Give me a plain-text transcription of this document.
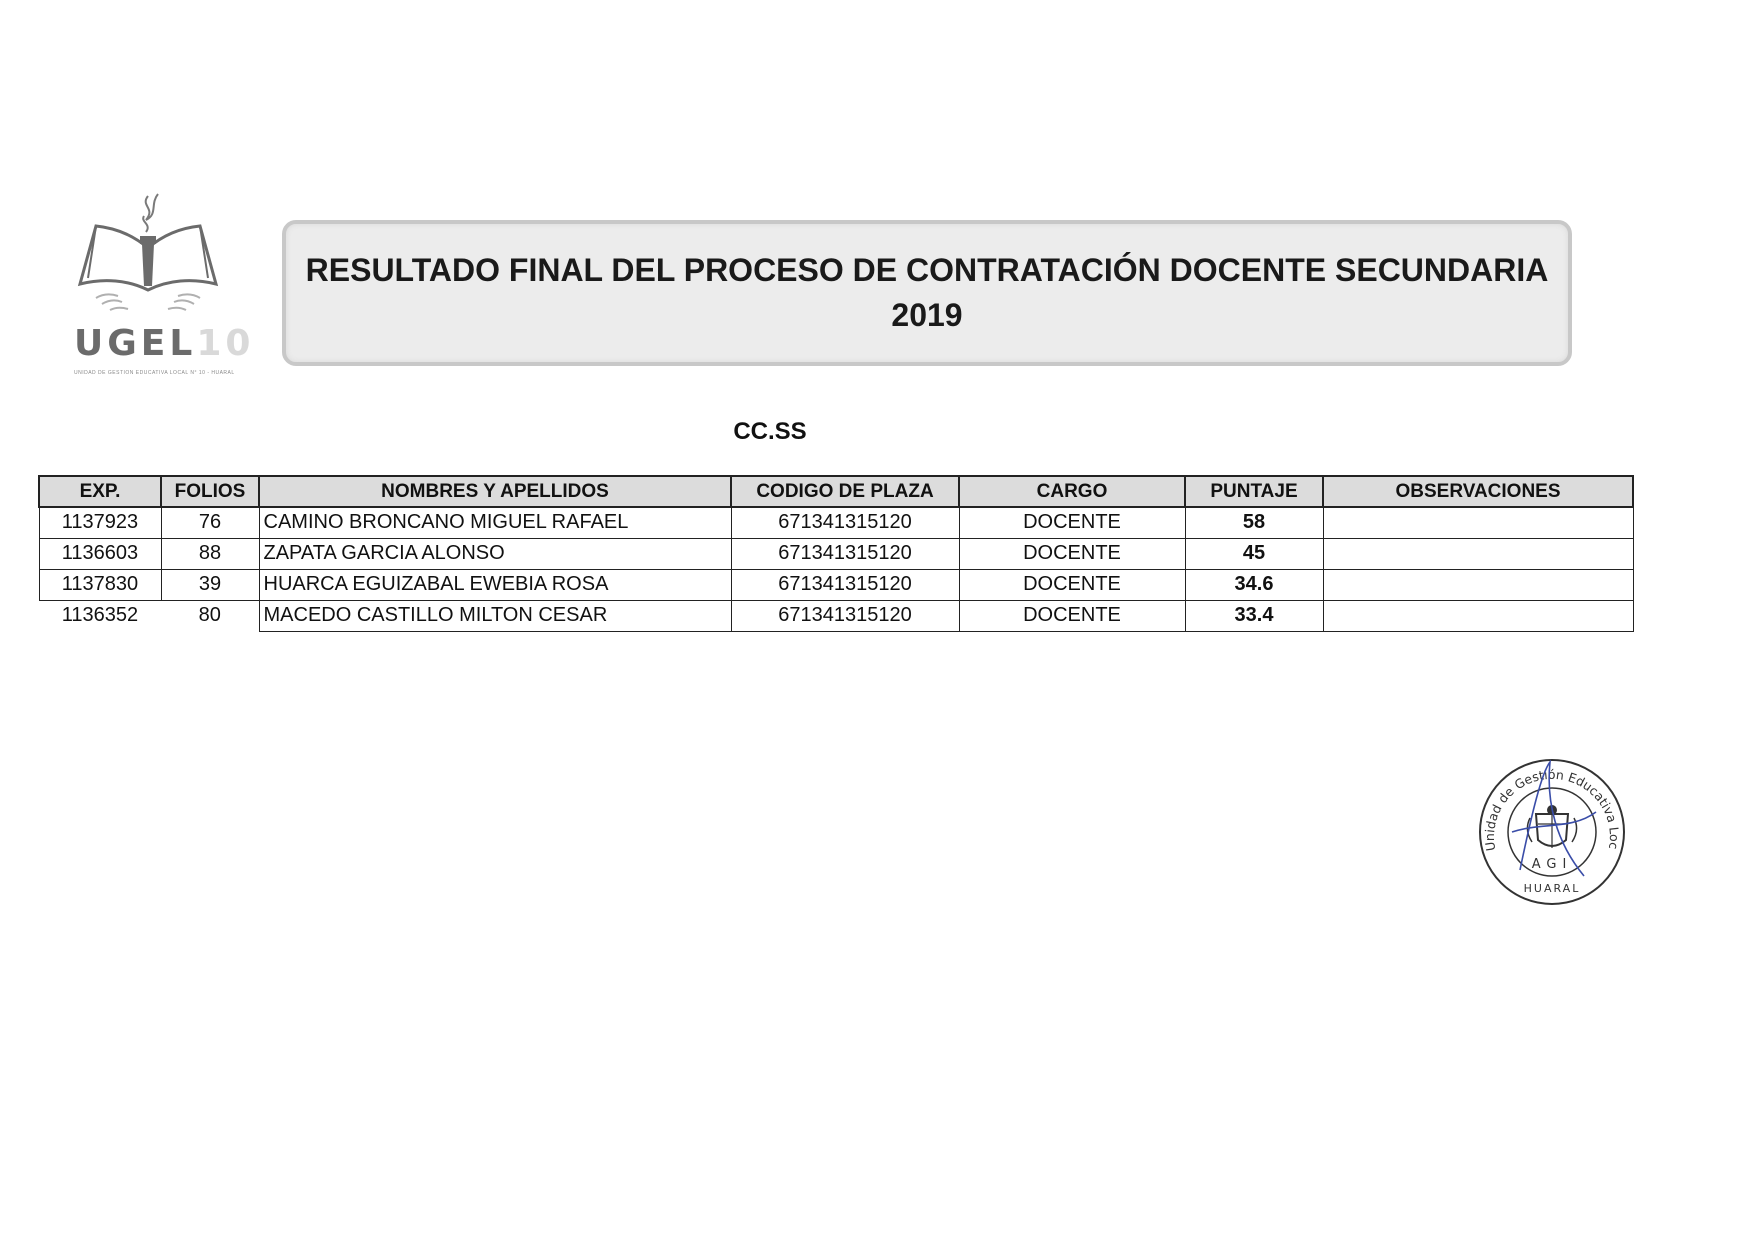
UGEL10
UNIDAD DE GESTION EDUCATIVA LOCAL N° 10 - HUARAL
RESULTADO FINAL DEL PROCESO DE CONTRATACIÓN DOCENTE SECUNDARIA
2019
CC.SS
EXP.	FOLIOS	NOMBRES Y APELLIDOS	CODIGO DE PLAZA	CARGO	PUNTAJE	OBSERVACIONES
1137923	76	CAMINO BRONCANO MIGUEL RAFAEL	671341315120	DOCENTE	58	
1136603	88	ZAPATA GARCIA ALONSO	671341315120	DOCENTE	45	
1137830	39	HUARCA EGUIZABAL EWEBIA ROSA	671341315120	DOCENTE	34.6	
1136352	80	MACEDO CASTILLO MILTON CESAR	671341315120	DOCENTE	33.4	
Unidad de Gestión Educativa Loc
AGI
HUARAL
